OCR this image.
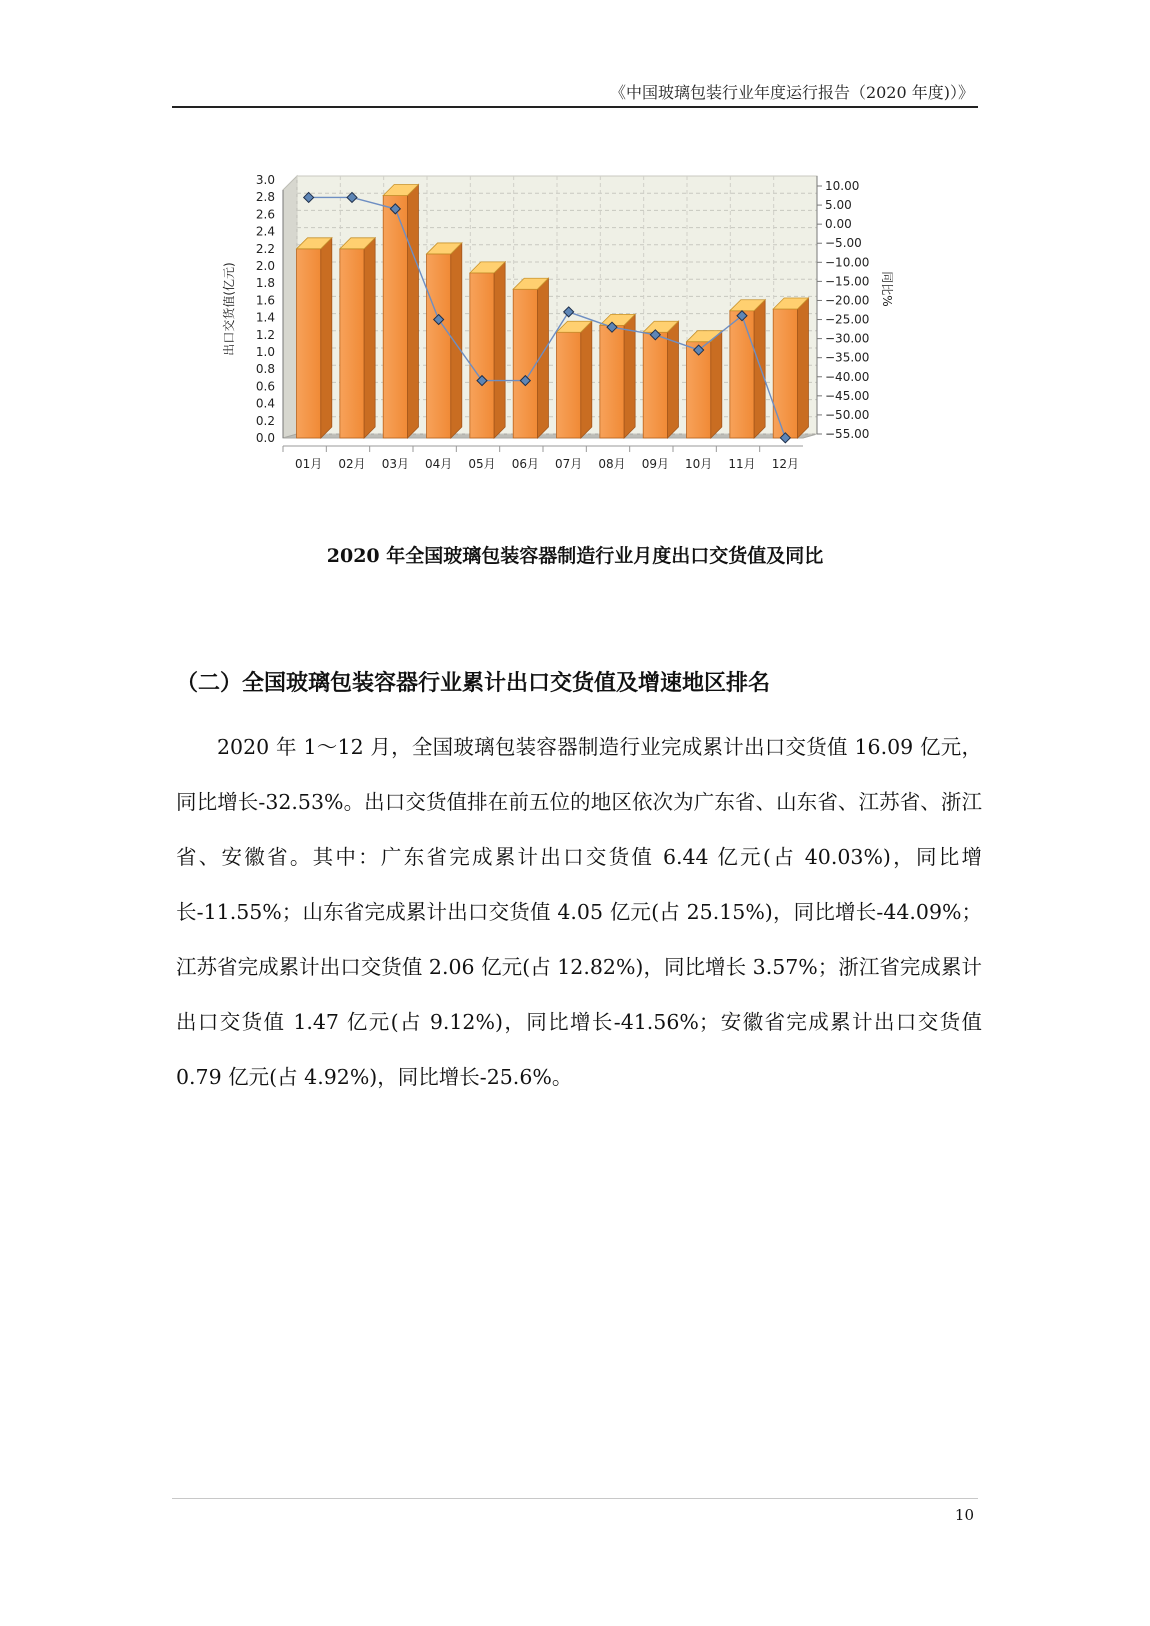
《中国玻璃包装行业年度运行报告（2020 年度)）》
0.0
0.2
0.4
0.6
0.8
1.0
1.2
1.4
1.6
1.8
2.0
2.2
2.4
2.6
2.8
3.0
出口交货值(亿元)
10.00
5.00
0.00
−5.00
−10.00
−15.00
−20.00
−25.00
−30.00
−35.00
−40.00
−45.00
−50.00
−55.00
同比%
01月 02月 03月 04月 05月 06月 07月 08月 09月 10月 11月 12月
2020 年全国玻璃包装容器制造行业月度出口交货值及同比
（二）全国玻璃包装容器行业累计出口交货值及增速地区排名

2020 年 1～12 月，全国玻璃包装容器制造行业完成累计出口交货值 16.09 亿元，同比增长-32.53%。出口交货值排在前五位的地区依次为广东省、山东省、江苏省、浙江省、安徽省。其中：广东省完成累计出口交货值 6.44 亿元(占 40.03%)，同比增长-11.55%；山东省完成累计出口交货值 4.05 亿元(占 25.15%)，同比增长-44.09%；江苏省完成累计出口交货值 2.06 亿元(占 12.82%)，同比增长 3.57%；浙江省完成累计出口交货值 1.47 亿元(占 9.12%)，同比增长-41.56%；安徽省完成累计出口交货值 0.79 亿元(占 4.92%)，同比增长-25.6%。

10
